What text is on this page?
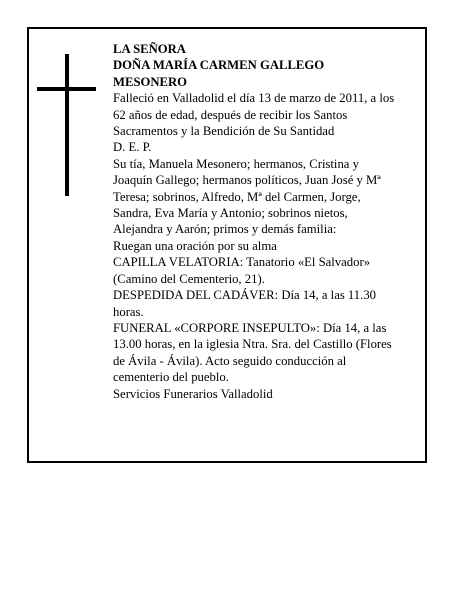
LA SEÑORA
DOÑA MARÍA CARMEN GALLEGO
MESONERO

Falleció en Valladolid el día 13 de marzo de 2011, a los
62 años de edad, después de recibir los Santos
Sacramentos y la Bendición de Su Santidad

D. E. P.

Su tía, Manuela Mesonero; hermanos, Cristina y
Joaquín Gallego; hermanos políticos, Juan José y Mª
Teresa; sobrinos, Alfredo, Mª del Carmen, Jorge,
Sandra, Eva María y Antonio; sobrinos nietos,
Alejandra y Aarón; primos y demás familia:

Ruegan una oración por su alma

CAPILLA VELATORIA: Tanatorio «El Salvador»
(Camino del Cementerio, 21).

DESPEDIDA DEL CADÁVER: Día 14, a las 11.30
horas.

FUNERAL «CORPORE INSEPULTO»: Día 14, a las
13.00 horas, en la iglesia Ntra. Sra. del Castillo (Flores
de Ávila - Ávila). Acto seguido conducción al
cementerio del pueblo.

Servicios Funerarios Valladolid
